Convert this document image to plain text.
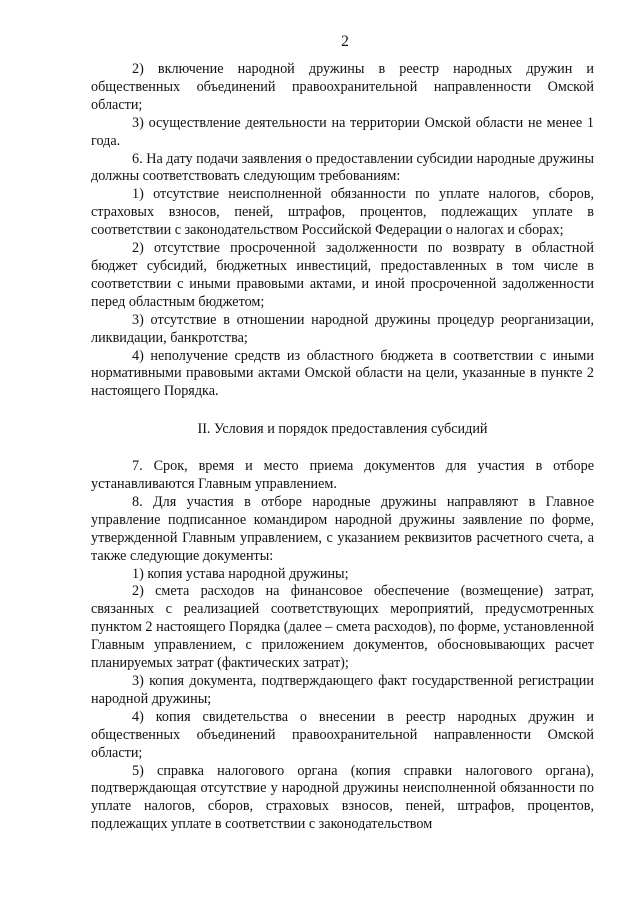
2

2) включение народной дружины в реестр народных дружин и общественных объединений правоохранительной направленности Омской области;

3) осуществление деятельности на территории Омской области не менее 1 года.

6. На дату подачи заявления о предоставлении субсидии народные дружины должны соответствовать следующим требованиям:

1) отсутствие неисполненной обязанности по уплате налогов, сборов, страховых взносов, пеней, штрафов, процентов, подлежащих уплате в соответствии с законодательством Российской Федерации о налогах и сборах;

2) отсутствие просроченной задолженности по возврату в областной бюджет субсидий, бюджетных инвестиций, предоставленных в том числе в соответствии с иными правовыми актами, и иной просроченной задолженности перед областным бюджетом;

3) отсутствие в отношении народной дружины процедур реорганизации, ликвидации, банкротства;

4) неполучение средств из областного бюджета в соответствии с иными нормативными правовыми актами Омской области на цели, указанные в пункте 2 настоящего Порядка.

II. Условия и порядок предоставления субсидий

7. Срок, время и место приема документов для участия в отборе устанавливаются Главным управлением.

8. Для участия в отборе народные дружины направляют в Главное управление подписанное командиром народной дружины заявление по форме, утвержденной Главным управлением, с указанием реквизитов расчетного счета, а также следующие документы:

1) копия устава народной дружины;

2) смета расходов на финансовое обеспечение (возмещение) затрат, связанных с реализацией соответствующих мероприятий, предусмотренных пунктом 2 настоящего Порядка (далее – смета расходов), по форме, установленной Главным управлением, с приложением документов, обосновывающих расчет планируемых затрат (фактических затрат);

3) копия документа, подтверждающего факт государственной регистрации народной дружины;

4) копия свидетельства о внесении в реестр народных дружин и общественных объединений правоохранительной направленности Омской области;

5) справка налогового органа (копия справки налогового органа), подтверждающая отсутствие у народной дружины неисполненной обязанности по уплате налогов, сборов, страховых взносов, пеней, штрафов, процентов, подлежащих уплате в соответствии с законодательством
